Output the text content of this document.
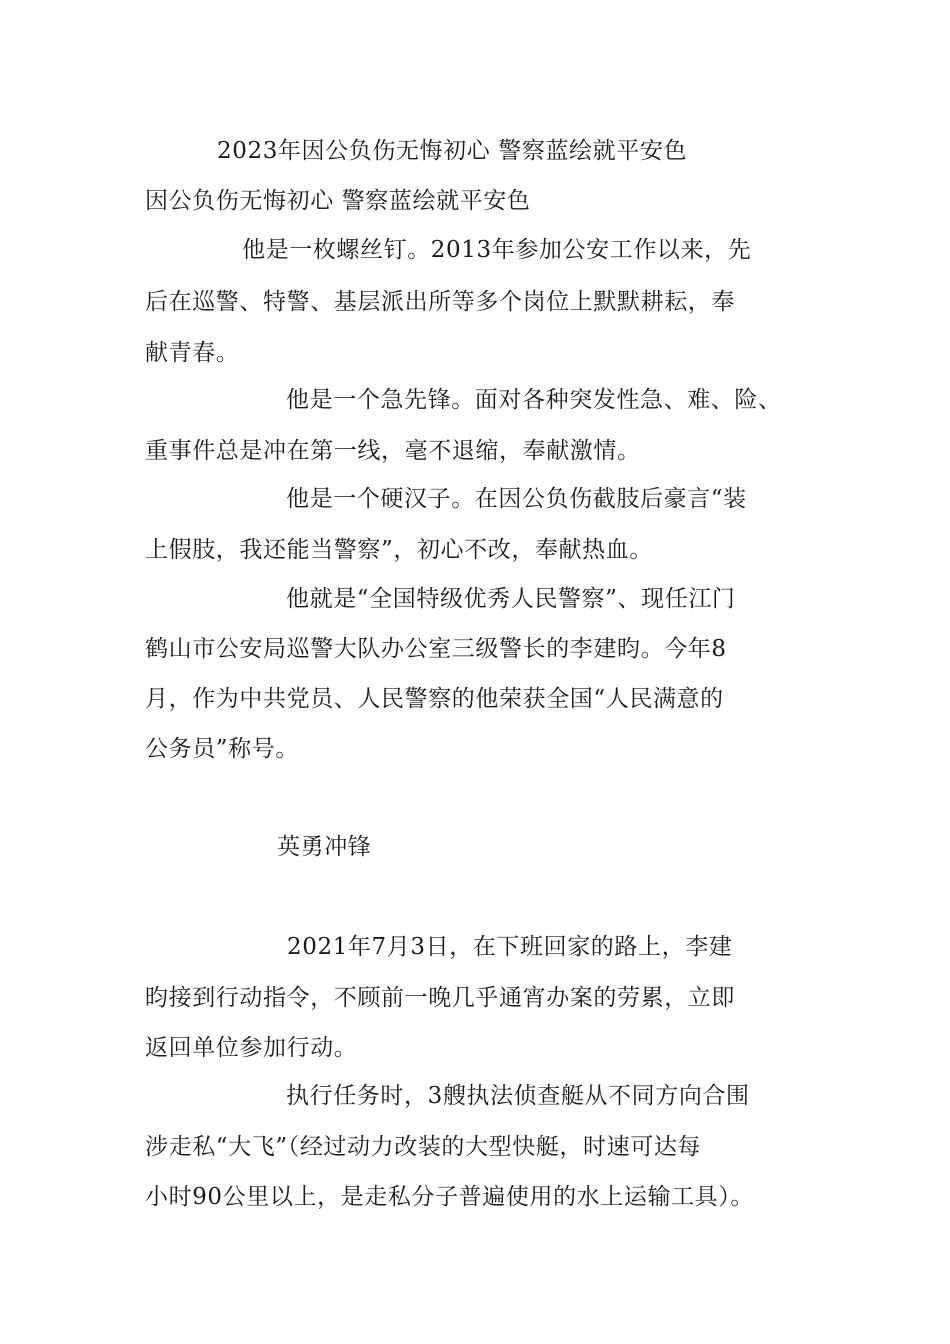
2023年因公负伤无悔初心 警察蓝绘就平安色
因公负伤无悔初心 警察蓝绘就平安色
他是一枚螺丝钉。2013年参加公安工作以来，先
后在巡警、特警、基层派出所等多个岗位上默默耕耘，奉
献青春。
他是一个急先锋。面对各种突发性急、难、险、
重事件总是冲在第一线，毫不退缩，奉献激情。
他是一个硬汉子。在因公负伤截肢后豪言“装
上假肢，我还能当警察”，初心不改，奉献热血。
他就是“全国特级优秀人民警察”、现任江门
鹤山市公安局巡警大队办公室三级警长的李建昀。今年8
月，作为中共党员、人民警察的他荣获全国“人民满意的
公务员”称号。
英勇冲锋
2021年7月3日，在下班回家的路上，李建
昀接到行动指令，不顾前一晚几乎通宵办案的劳累，立即
返回单位参加行动。
执行任务时，3艘执法侦查艇从不同方向合围
涉走私“大飞”（经过动力改装的大型快艇，时速可达每
小时90公里以上，是走私分子普遍使用的水上运输工具）。
